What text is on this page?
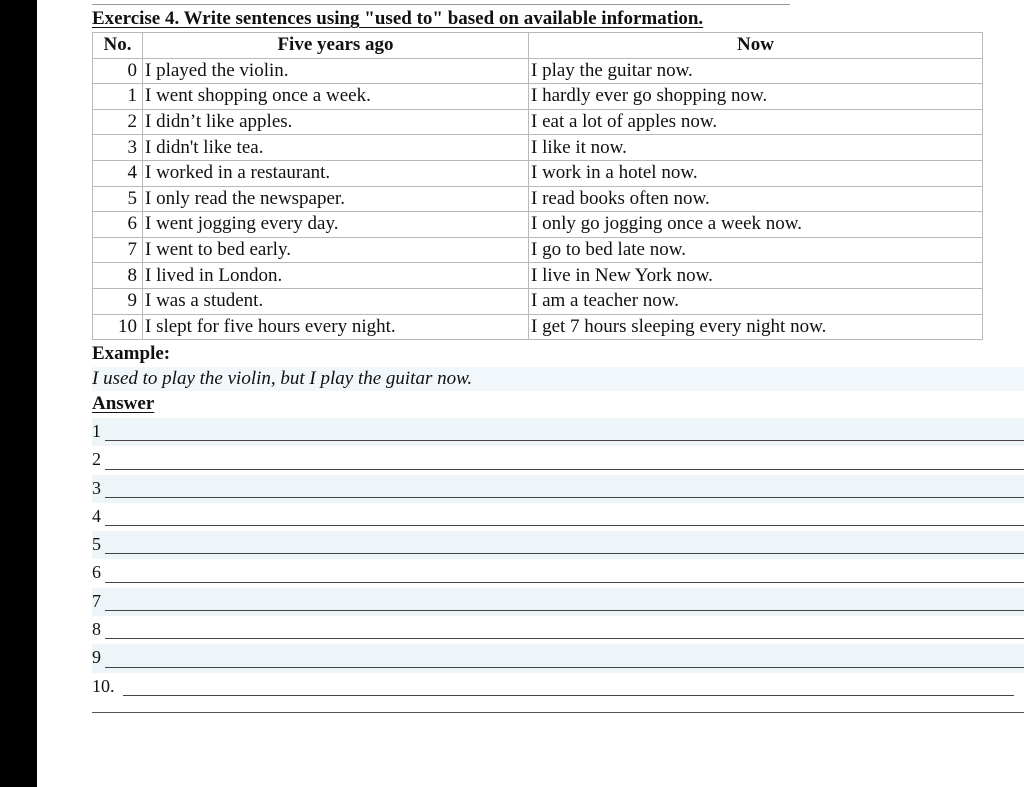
Exercise 4. Write sentences using "used to" based on available information.
No.	Five years ago	Now
0	I played the violin.	I play the guitar now.
1	I went shopping once a week.	I hardly ever go shopping now.
2	I didn’t like apples.	I eat a lot of apples now.
3	I didn't like tea.	I like it now.
4	I worked in a restaurant.	I work in a hotel now.
5	I only read the newspaper.	I read books often now.
6	I went jogging every day.	I only go jogging once a week now.
7	I went to bed early.	I go to bed late now.
8	I lived in London.	I live in New York now.
9	I was a student.	I am a teacher now.
10	I slept for five hours every night.	I get 7 hours sleeping every night now.
Example:
I used to play the violin, but I play the guitar now.
Answer
1
2
3
4
5
6
7
8
9
10.
